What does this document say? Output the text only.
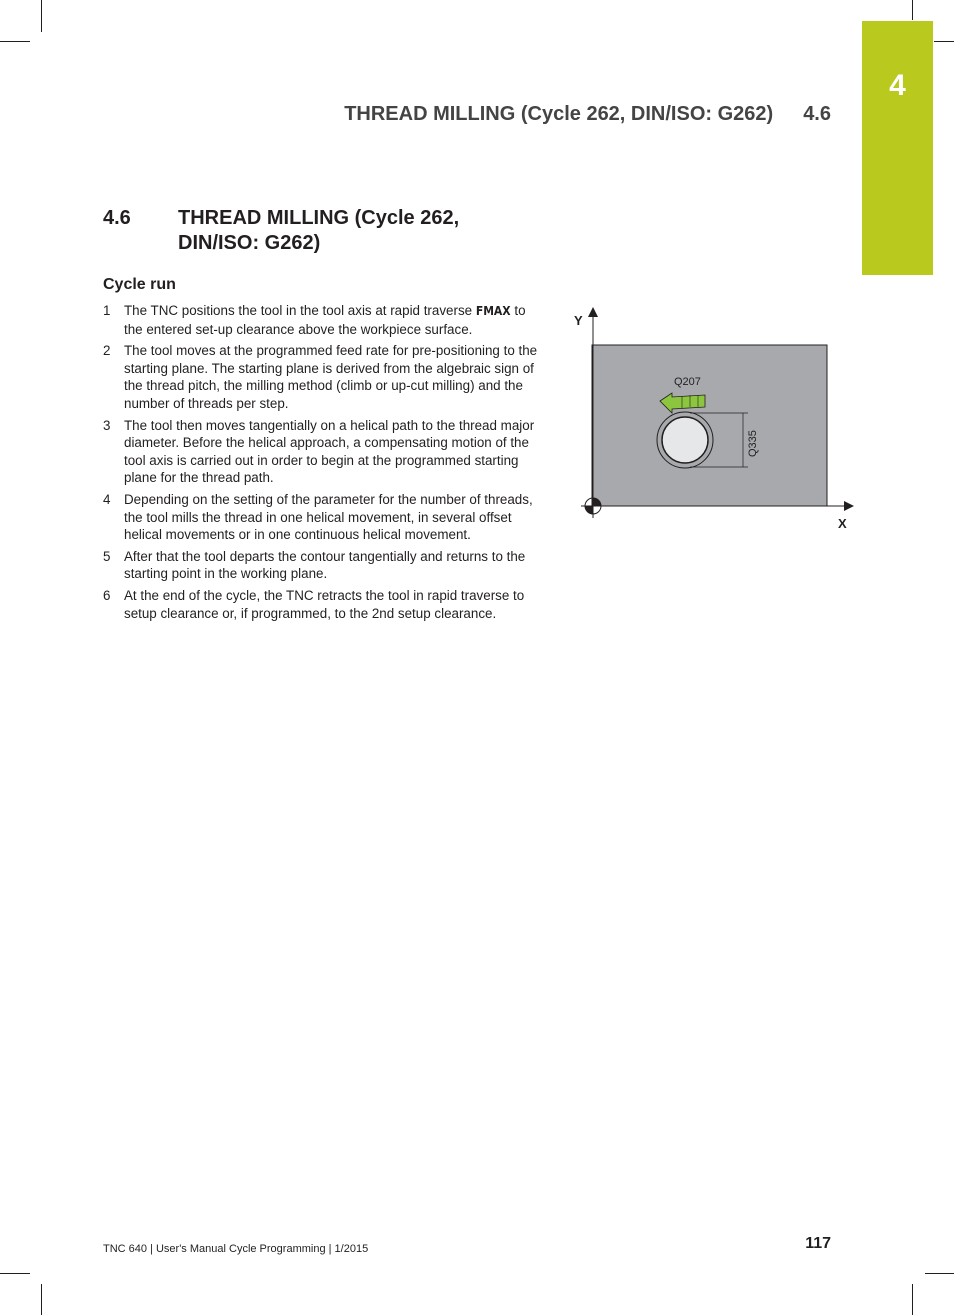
4
THREAD MILLING (Cycle 262, DIN/ISO: G262) 4.6
4.6 THREAD MILLING (Cycle 262, DIN/ISO: G262)
Cycle run
1 The TNC positions the tool in the tool axis at rapid traverse FMAX to the entered set-up clearance above the workpiece surface.
2 The tool moves at the programmed feed rate for pre-positioning to the starting plane. The starting plane is derived from the algebraic sign of the thread pitch, the milling method (climb or up-cut milling) and the number of threads per step.
3 The tool then moves tangentially on a helical path to the thread major diameter. Before the helical approach, a compensating motion of the tool axis is carried out in order to begin at the programmed starting plane for the thread path.
4 Depending on the setting of the parameter for the number of threads, the tool mills the thread in one helical movement, in several offset helical movements or in one continuous helical movement.
5 After that the tool departs the contour tangentially and returns to the starting point in the working plane.
6 At the end of the cycle, the TNC retracts the tool in rapid traverse to setup clearance or, if programmed, to the 2nd setup clearance.
Y
X
Q207
Q335
TNC 640 | User's Manual Cycle Programming | 1/2015	117
